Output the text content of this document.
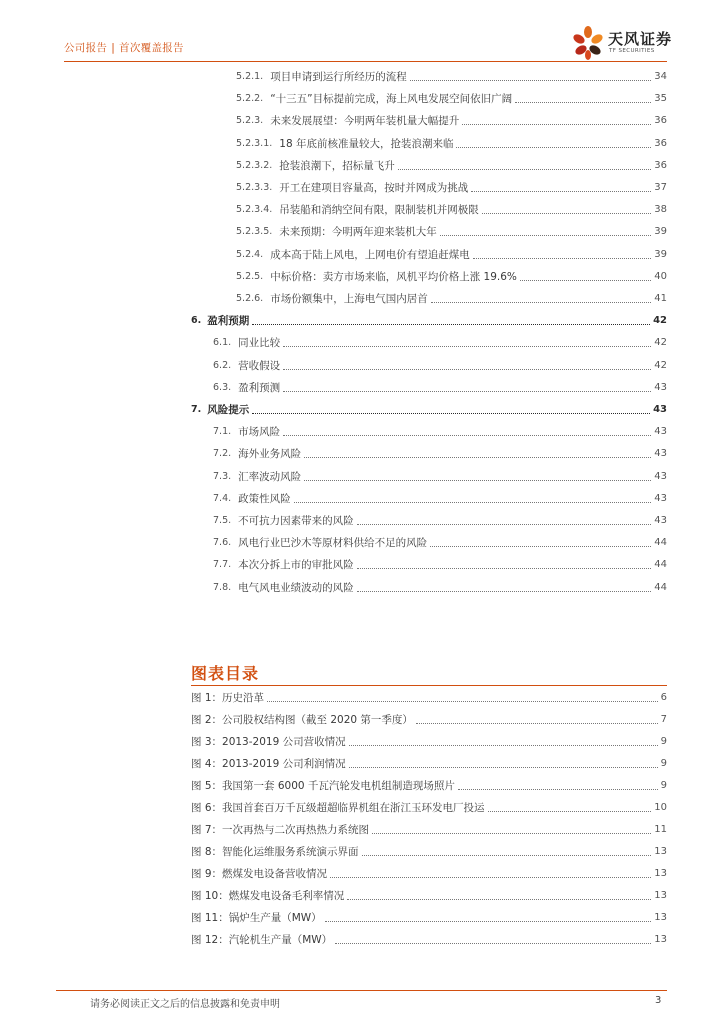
公司报告 | 首次覆盖报告	天风证券
TF SECURITIES
5.2.1. 项目申请到运行所经历的流程	34
5.2.2. “十三五”目标提前完成，海上风电发展空间依旧广阔	35
5.2.3. 未来发展展望：今明两年装机量大幅提升	36
5.2.3.1. 18 年底前核准量较大，抢装浪潮来临	36
5.2.3.2. 抢装浪潮下，招标量飞升	36
5.2.3.3. 开工在建项目容量高，按时并网成为挑战	37
5.2.3.4. 吊装船和消纳空间有限，限制装机并网极限	38
5.2.3.5. 未来预期：今明两年迎来装机大年	39
5.2.4. 成本高于陆上风电，上网电价有望追赶煤电	39
5.2.5. 中标价格：卖方市场来临，风机平均价格上涨 19.6%	40
5.2.6. 市场份额集中，上海电气国内居首	41
6. 盈利预期	42
6.1. 同业比较	42
6.2. 营收假设	42
6.3. 盈利预测	43
7. 风险提示	43
7.1. 市场风险	43
7.2. 海外业务风险	43
7.3. 汇率波动风险	43
7.4. 政策性风险	43
7.5. 不可抗力因素带来的风险	43
7.6. 风电行业巴沙木等原材料供给不足的风险	44
7.7. 本次分拆上市的审批风险	44
7.8. 电气风电业绩波动的风险	44
图表目录
图 1：历史沿革	6
图 2：公司股权结构图（截至 2020 第一季度）	7
图 3：2013-2019 公司营收情况	9
图 4：2013-2019 公司利润情况	9
图 5：我国第一套 6000 千瓦汽轮发电机组制造现场照片	9
图 6：我国首套百万千瓦级超超临界机组在浙江玉环发电厂投运	10
图 7：一次再热与二次再热热力系统图	11
图 8：智能化运维服务系统演示界面	13
图 9：燃煤发电设备营收情况	13
图 10：燃煤发电设备毛利率情况	13
图 11：锅炉生产量（MW）	13
图 12：汽轮机生产量（MW）	13
请务必阅读正文之后的信息披露和免责申明	3
